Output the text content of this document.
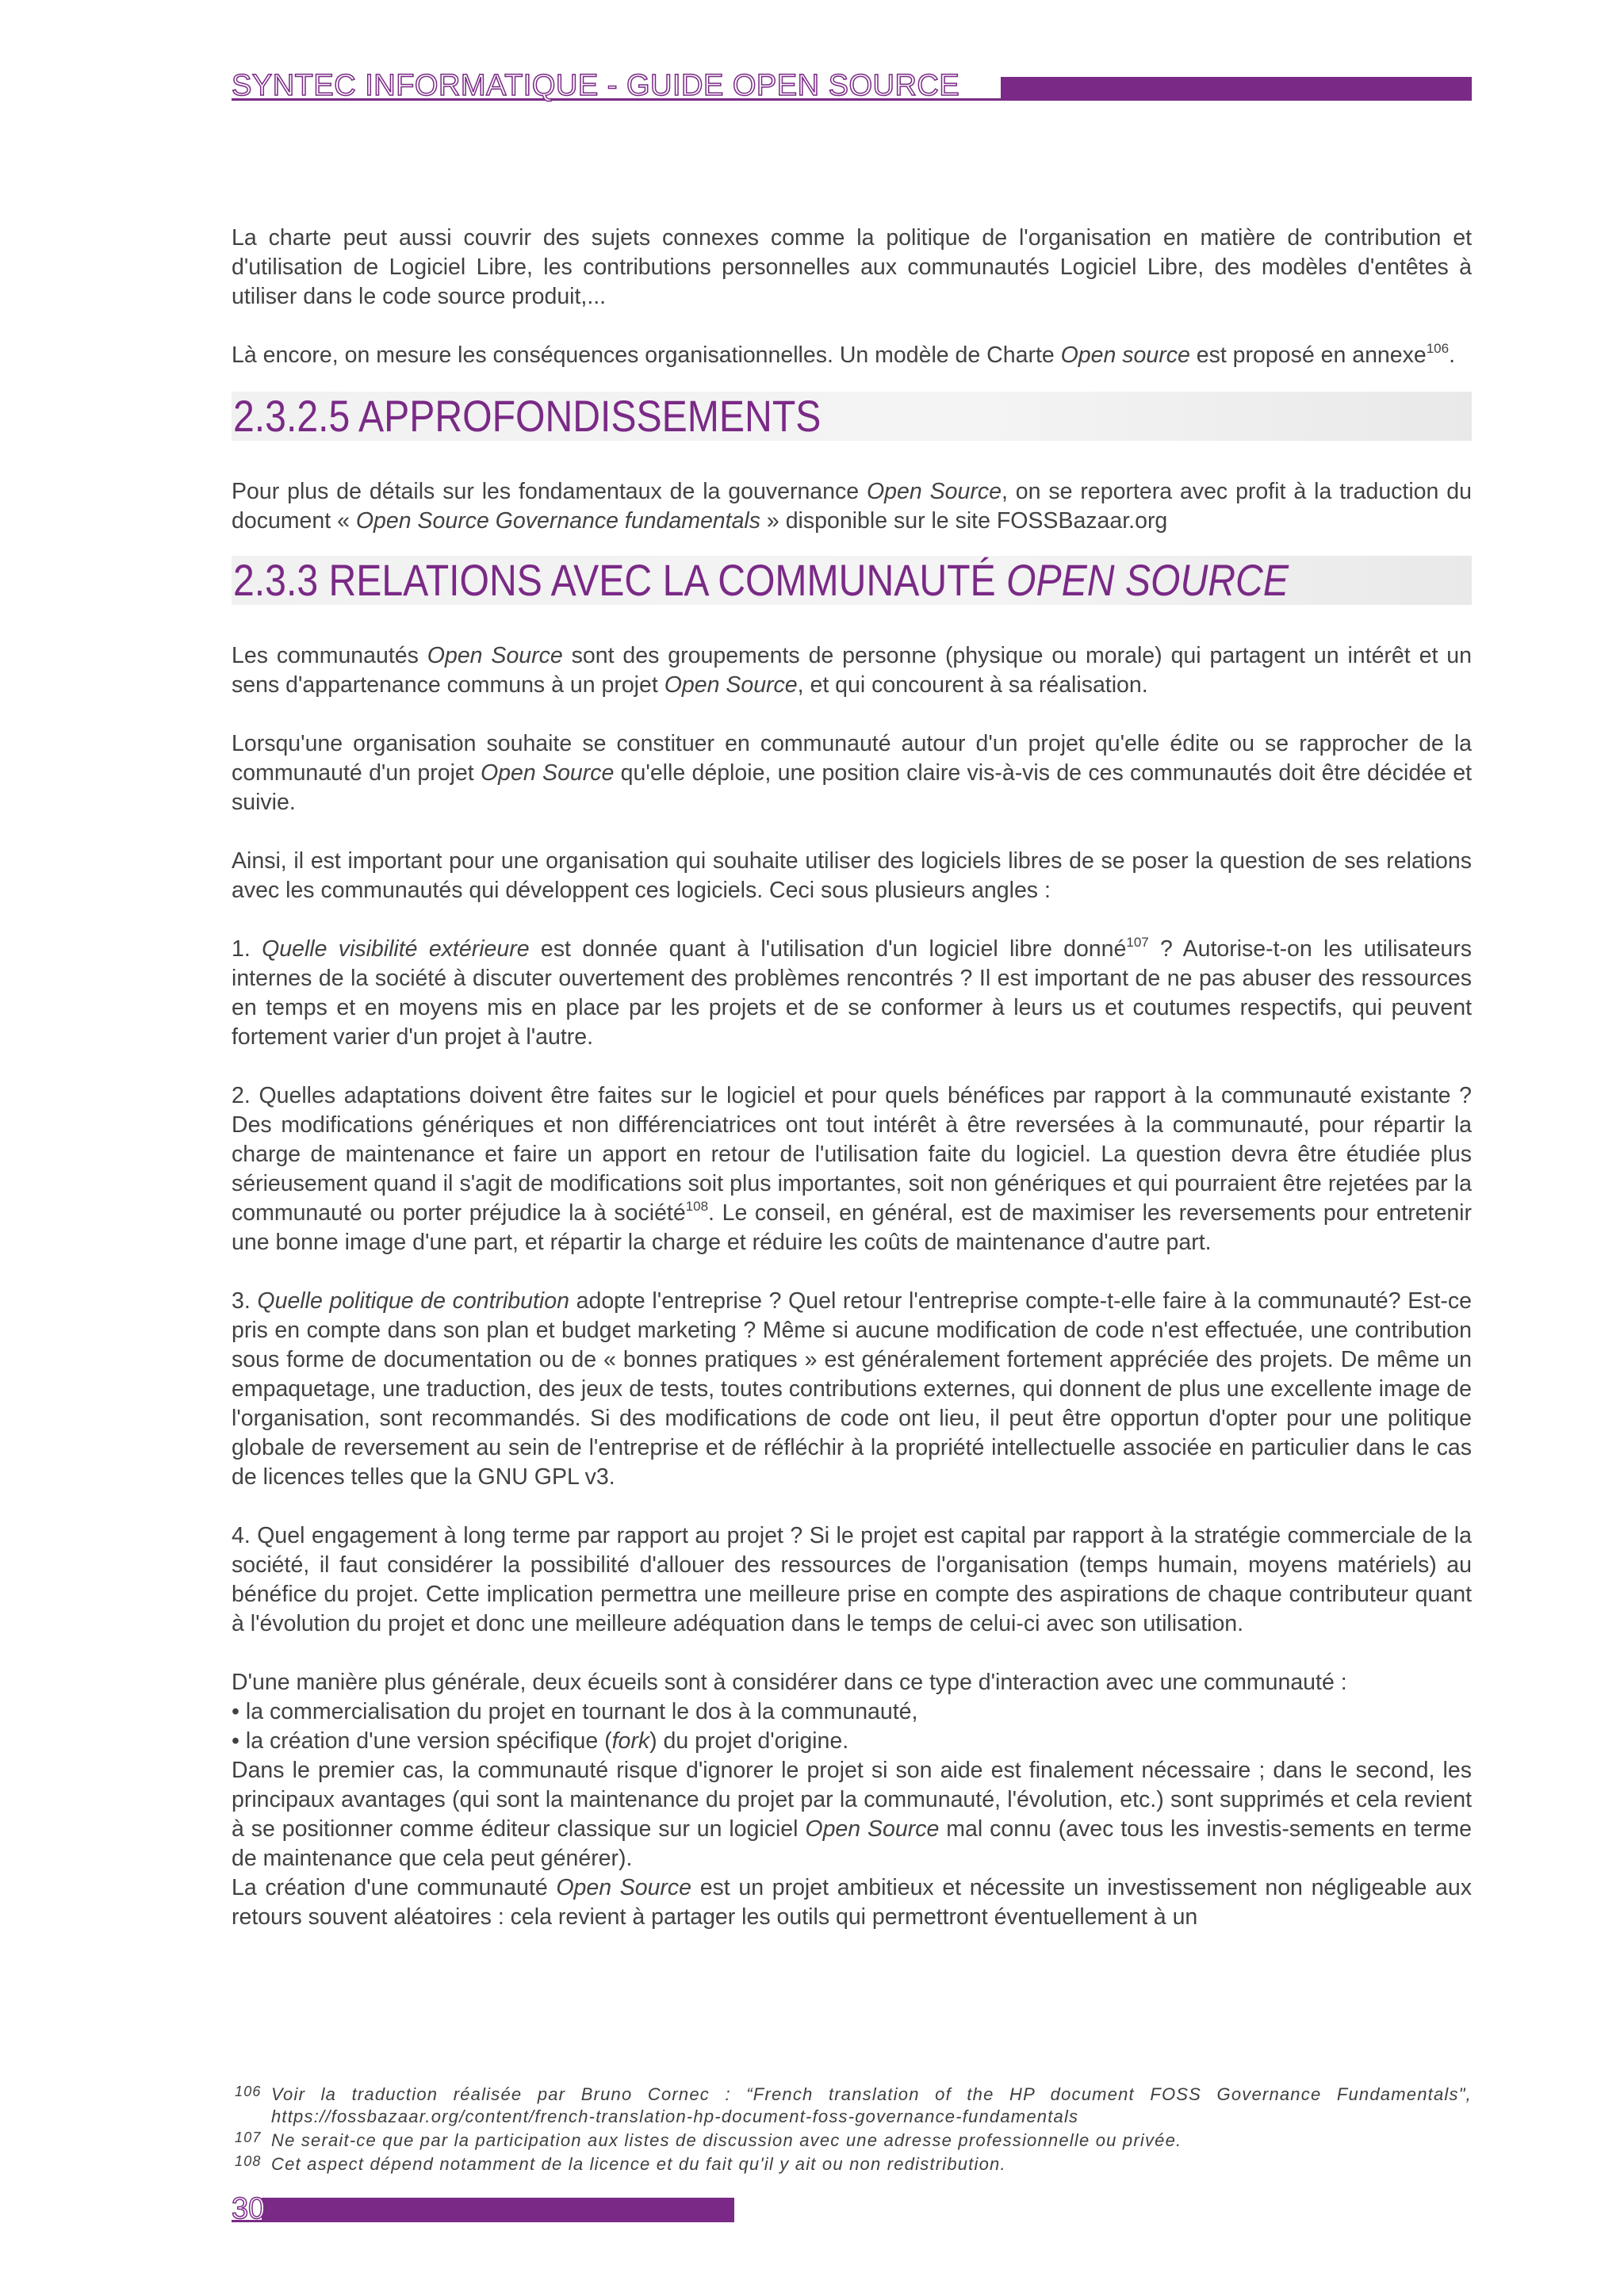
SYNTEC INFORMATIQUE - GUIDE OPEN SOURCE

La charte peut aussi couvrir des sujets connexes comme la politique de l'organisation en matière de contribution et d'utilisation de Logiciel Libre, les contributions personnelles aux communautés Logiciel Libre, des modèles d'entêtes à utiliser dans le code source produit,...

Là encore, on mesure les conséquences organisationnelles. Un modèle de Charte Open source est proposé en annexe$^{106}$.

2.3.2.5 APPROFONDISSEMENTS

Pour plus de détails sur les fondamentaux de la gouvernance Open Source, on se reportera avec profit à la traduction du document « Open Source Governance fundamentals » disponible sur le site FOSSBazaar.org

2.3.3 RELATIONS AVEC LA COMMUNAUTÉ OPEN SOURCE

Les communautés Open Source sont des groupements de personne (physique ou morale) qui partagent un intérêt et un sens d'appartenance communs à un projet Open Source, et qui concourent à sa réalisation.

Lorsqu'une organisation souhaite se constituer en communauté autour d'un projet qu'elle édite ou se rapprocher de la communauté d'un projet Open Source qu'elle déploie, une position claire vis-à-vis de ces communautés doit être décidée et suivie.

Ainsi, il est important pour une organisation qui souhaite utiliser des logiciels libres de se poser la question de ses relations avec les communautés qui développent ces logiciels. Ceci sous plusieurs angles :

1. Quelle visibilité extérieure est donnée quant à l'utilisation d'un logiciel libre donné$^{107}$ ? Autorise-t-on les utilisateurs internes de la société à discuter ouvertement des problèmes rencontrés ? Il est important de ne pas abuser des ressources en temps et en moyens mis en place par les projets et de se conformer à leurs us et coutumes respectifs, qui peuvent fortement varier d'un projet à l'autre.

2. Quelles adaptations doivent être faites sur le logiciel et pour quels bénéfices par rapport à la communauté existante ? Des modifications génériques et non différenciatrices ont tout intérêt à être reversées à la communauté, pour répartir la charge de maintenance et faire un apport en retour de l'utilisation faite du logiciel. La question devra être étudiée plus sérieusement quand il s'agit de modifications soit plus importantes, soit non génériques et qui pourraient être rejetées par la communauté ou porter préjudice la à société$^{108}$. Le conseil, en général, est de maximiser les reversements pour entretenir une bonne image d'une part, et répartir la charge et réduire les coûts de maintenance d'autre part.

3. Quelle politique de contribution adopte l'entreprise ? Quel retour l'entreprise compte-t-elle faire à la communauté? Est-ce pris en compte dans son plan et budget marketing ? Même si aucune modification de code n'est effectuée, une contribution sous forme de documentation ou de « bonnes pratiques » est généralement fortement appréciée des projets. De même un empaquetage, une traduction, des jeux de tests, toutes contributions externes, qui donnent de plus une excellente image de l'organisation, sont recommandés. Si des modifications de code ont lieu, il peut être opportun d'opter pour une politique globale de reversement au sein de l'entreprise et de réfléchir à la propriété intellectuelle associée en particulier dans le cas de licences telles que la GNU GPL v3.

4. Quel engagement à long terme par rapport au projet ? Si le projet est capital par rapport à la stratégie commerciale de la société, il faut considérer la possibilité d'allouer des ressources de l'organisation (temps humain, moyens matériels) au bénéfice du projet. Cette implication permettra une meilleure prise en compte des aspirations de chaque contributeur quant à l'évolution du projet et donc une meilleure adéquation dans le temps de celui-ci avec son utilisation.

D'une manière plus générale, deux écueils sont à considérer dans ce type d'interaction avec une communauté :

• la commercialisation du projet en tournant le dos à la communauté,

• la création d'une version spécifique (fork) du projet d'origine.

Dans le premier cas, la communauté risque d'ignorer le projet si son aide est finalement nécessaire ; dans le second, les principaux avantages (qui sont la maintenance du projet par la communauté, l'évolution, etc.) sont supprimés et cela revient à se positionner comme éditeur classique sur un logiciel Open Source mal connu (avec tous les investis-sements en terme de maintenance que cela peut générer).

La création d'une communauté Open Source est un projet ambitieux et nécessite un investissement non négligeable aux retours souvent aléatoires : cela revient à partager les outils qui permettront éventuellement à un

106 Voir la traduction réalisée par Bruno Cornec : “French translation of the HP document FOSS Governance Fundamentals", https://fossbazaar.org/content/french-translation-hp-document-foss-governance-fundamentals
107 Ne serait-ce que par la participation aux listes de discussion avec une adresse professionnelle ou privée.
108 Cet aspect dépend notamment de la licence et du fait qu'il y ait ou non redistribution.
30
